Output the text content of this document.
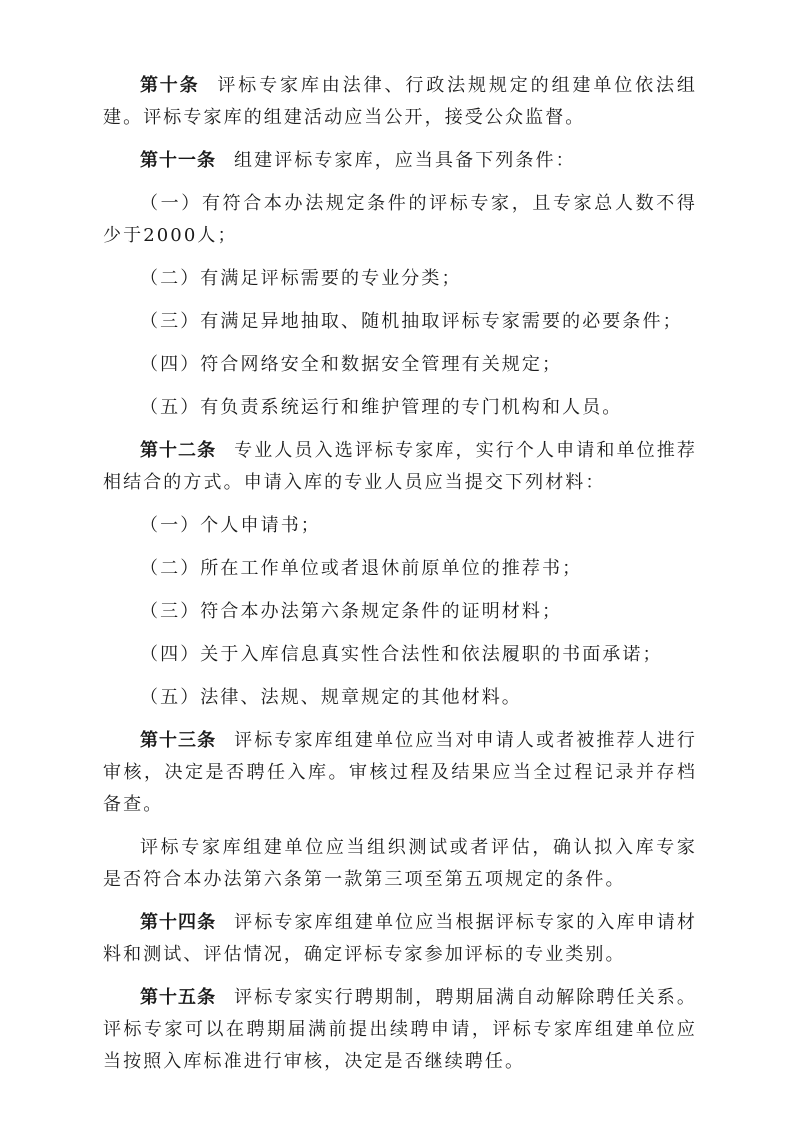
第十条 评标专家库由法律、行政法规规定的组建单位依法组建。评标专家库的组建活动应当公开，接受公众监督。

第十一条 组建评标专家库，应当具备下列条件：

（一）有符合本办法规定条件的评标专家，且专家总人数不得少于2000人；

（二）有满足评标需要的专业分类；

（三）有满足异地抽取、随机抽取评标专家需要的必要条件；

（四）符合网络安全和数据安全管理有关规定；

（五）有负责系统运行和维护管理的专门机构和人员。

第十二条 专业人员入选评标专家库，实行个人申请和单位推荐相结合的方式。申请入库的专业人员应当提交下列材料：

（一）个人申请书；

（二）所在工作单位或者退休前原单位的推荐书；

（三）符合本办法第六条规定条件的证明材料；

（四）关于入库信息真实性合法性和依法履职的书面承诺；

（五）法律、法规、规章规定的其他材料。

第十三条 评标专家库组建单位应当对申请人或者被推荐人进行审核，决定是否聘任入库。审核过程及结果应当全过程记录并存档备查。

评标专家库组建单位应当组织测试或者评估，确认拟入库专家是否符合本办法第六条第一款第三项至第五项规定的条件。

第十四条 评标专家库组建单位应当根据评标专家的入库申请材料和测试、评估情况，确定评标专家参加评标的专业类别。

第十五条 评标专家实行聘期制，聘期届满自动解除聘任关系。评标专家可以在聘期届满前提出续聘申请，评标专家库组建单位应当按照入库标准进行审核，决定是否继续聘任。
